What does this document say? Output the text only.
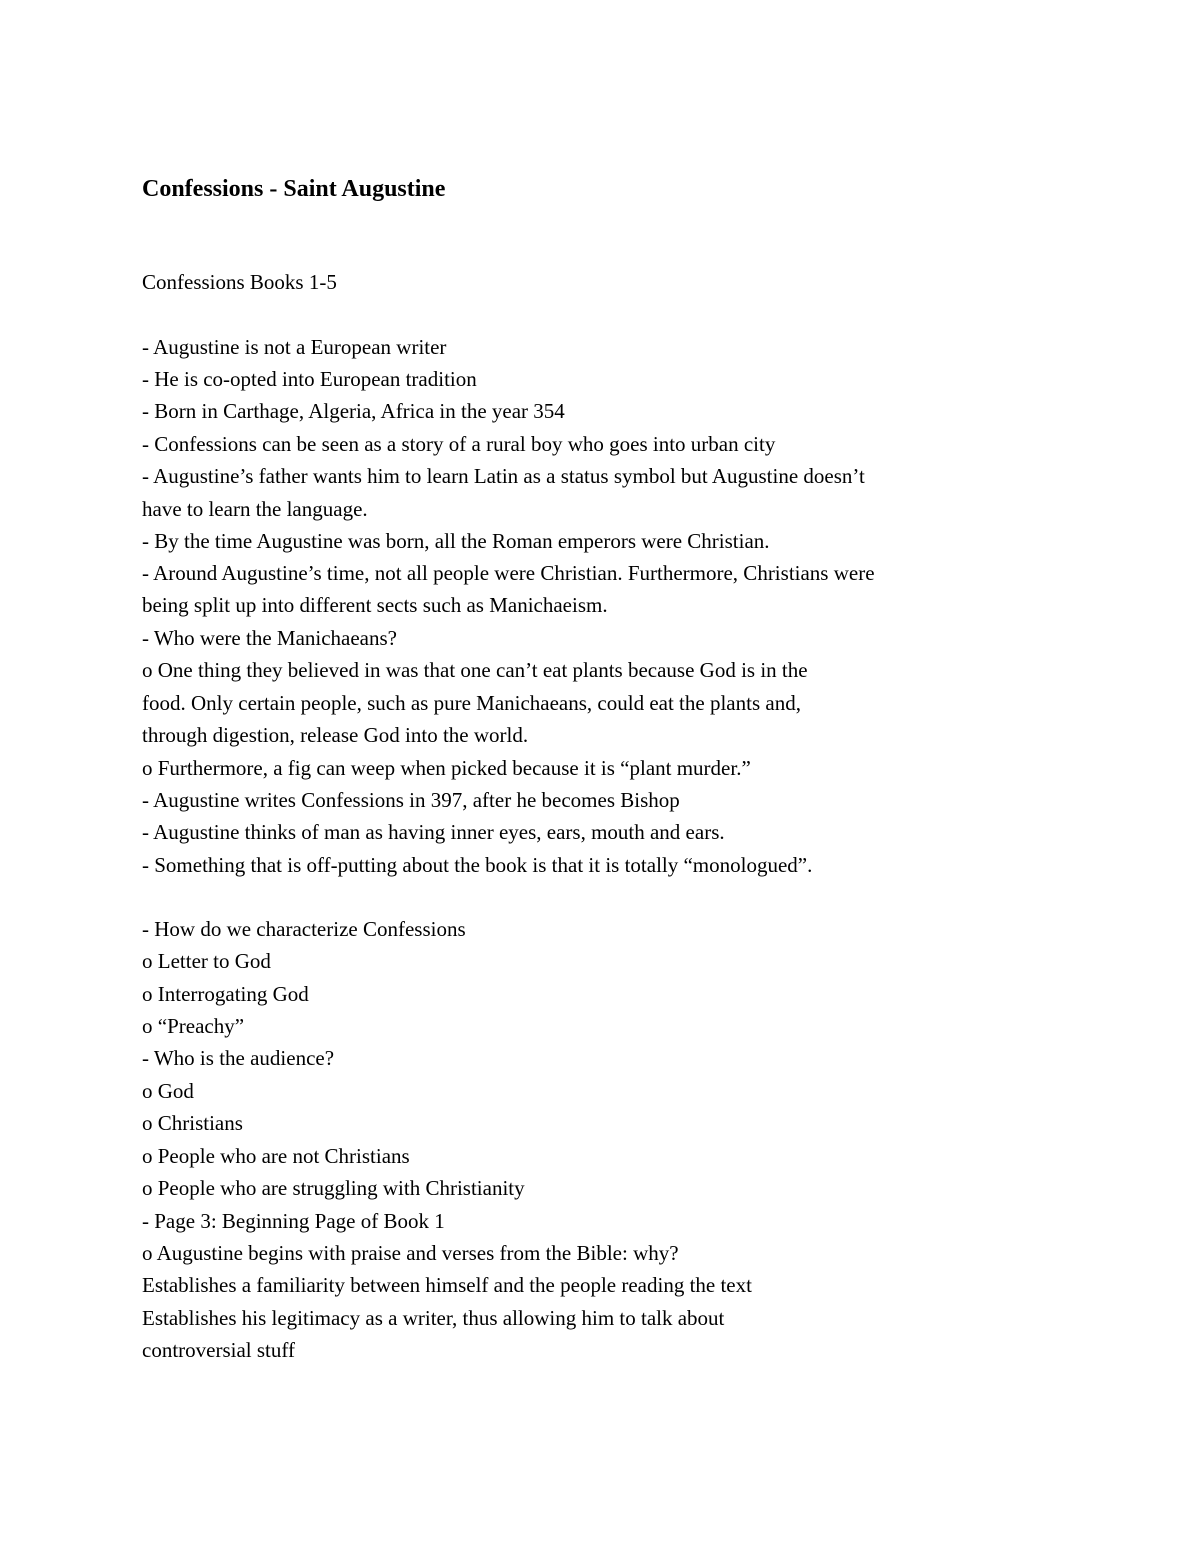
Confessions - Saint Augustine
Confessions Books 1-5
- Augustine is not a European writer
- He is co-opted into European tradition
- Born in Carthage, Algeria, Africa in the year 354
- Confessions can be seen as a story of a rural boy who goes into urban city
- Augustine’s father wants him to learn Latin as a status symbol but Augustine doesn’t
have to learn the language.
- By the time Augustine was born, all the Roman emperors were Christian.
- Around Augustine’s time, not all people were Christian. Furthermore, Christians were
being split up into different sects such as Manichaeism.
- Who were the Manichaeans?
o One thing they believed in was that one can’t eat plants because God is in the
food. Only certain people, such as pure Manichaeans, could eat the plants and,
through digestion, release God into the world.
o Furthermore, a fig can weep when picked because it is “plant murder.”
- Augustine writes Confessions in 397, after he becomes Bishop
- Augustine thinks of man as having inner eyes, ears, mouth and ears.
- Something that is off-putting about the book is that it is totally “monologued”.
- How do we characterize Confessions
o Letter to God
o Interrogating God
o “Preachy”
- Who is the audience?
o God
o Christians
o People who are not Christians
o People who are struggling with Christianity
- Page 3: Beginning Page of Book 1
o Augustine begins with praise and verses from the Bible: why?
Establishes a familiarity between himself and the people reading the text
Establishes his legitimacy as a writer, thus allowing him to talk about
controversial stuff
